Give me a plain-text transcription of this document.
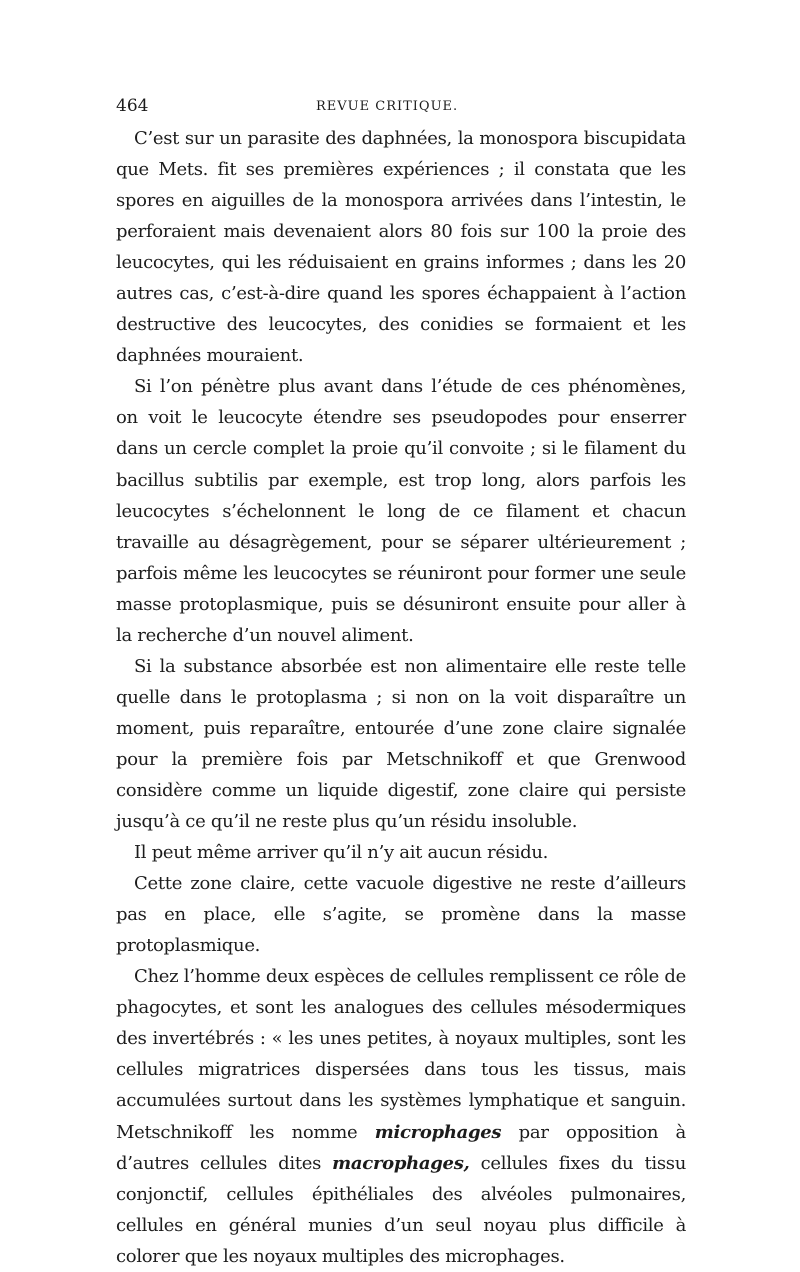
464	REVUE CRITIQUE.

C’est sur un parasite des daphnées, la monospora biscupidata que Mets. fit ses premières expériences ; il constata que les spores en aiguilles de la monospora arrivées dans l’intestin, le perforaient mais devenaient alors 80 fois sur 100 la proie des leucocytes, qui les réduisaient en grains informes ; dans les 20 autres cas, c’est-à-dire quand les spores échappaient à l’action destructive des leucocytes, des conidies se formaient et les daphnées mouraient.

Si l’on pénètre plus avant dans l’étude de ces phénomènes, on voit le leucocyte étendre ses pseudopodes pour enserrer dans un cercle complet la proie qu’il convoite ; si le filament du bacillus subtilis par exemple, est trop long, alors parfois les leucocytes s’échelonnent le long de ce filament et chacun travaille au désagrègement, pour se séparer ultérieurement ; parfois même les leucocytes se réuniront pour former une seule masse protoplasmique, puis se désuniront ensuite pour aller à la recherche d’un nouvel aliment.

Si la substance absorbée est non alimentaire elle reste telle quelle dans le protoplasma ; si non on la voit disparaître un moment, puis reparaître, entourée d’une zone claire signalée pour la première fois par Metschnikoff et que Grenwood considère comme un liquide digestif, zone claire qui persiste jusqu’à ce qu’il ne reste plus qu’un résidu insoluble.

Il peut même arriver qu’il n’y ait aucun résidu.

Cette zone claire, cette vacuole digestive ne reste d’ailleurs pas en place, elle s’agite, se promène dans la masse protoplasmique.

Chez l’homme deux espèces de cellules remplissent ce rôle de phagocytes, et sont les analogues des cellules mésodermiques des invertébrés : « les unes petites, à noyaux multiples, sont les cellules migratrices dispersées dans tous les tissus, mais accumulées surtout dans les systèmes lymphatique et sanguin. Metschnikoff les nomme microphages par opposition à d’autres cellules dites macrophages, cellules fixes du tissu conjonctif, cellules épithéliales des alvéoles pulmonaires, cellules en général munies d’un seul noyau plus difficile à colorer que les noyaux multiples des microphages.
